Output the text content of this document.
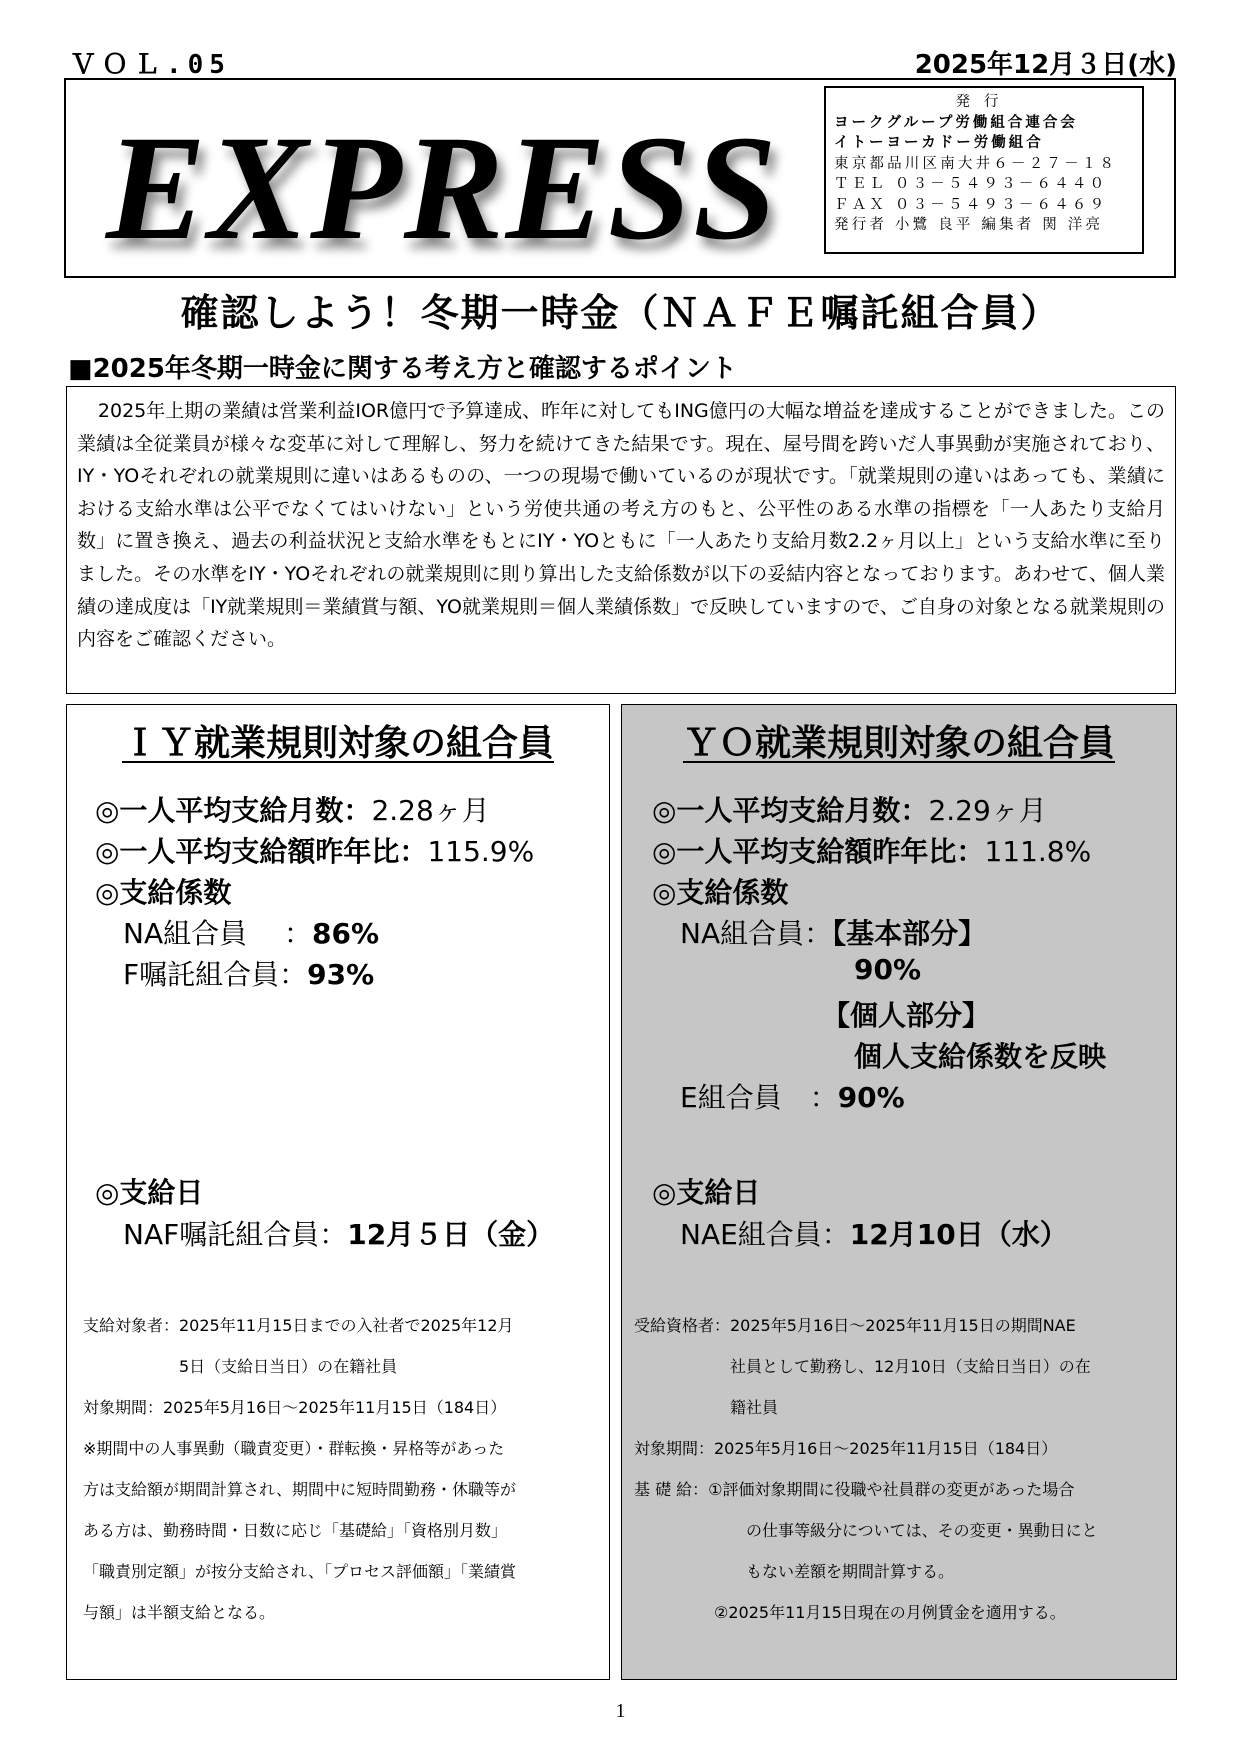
ＶＯＬ.05	2025年12月３日(水)
EXPRESS
発行
ヨークグループ労働組合連合会
イトーヨーカドー労働組合
東京都品川区南大井６－２７－１８
ＴＥＬ ０３－５４９３－６４４０
ＦＡＸ ０３－５４９３－６４６９
発行者 小鷺 良平 編集者 関 洋亮
確認しよう！冬期一時金（ＮＡＦＥ嘱託組合員）
■2025年冬期一時金に関する考え方と確認するポイント
2025年上期の業績は営業利益IOR億円で予算達成、昨年に対してもING億円の大幅な増益を達成することができました。この業績は全従業員が様々な変革に対して理解し、努力を続けてきた結果です。現在、屋号間を跨いだ人事異動が実施されており、IY・YOそれぞれの就業規則に違いはあるものの、一つの現場で働いているのが現状です。「就業規則の違いはあっても、業績における支給水準は公平でなくてはいけない」という労使共通の考え方のもと、公平性のある水準の指標を「一人あたり支給月数」に置き換え、過去の利益状況と支給水準をもとにIY・YOともに「一人あたり支給月数2.2ヶ月以上」という支給水準に至りました。その水準をIY・YOそれぞれの就業規則に則り算出した支給係数が以下の妥結内容となっております。あわせて、個人業績の達成度は「IY就業規則＝業績賞与額、YO就業規則＝個人業績係数」で反映していますので、ご自身の対象となる就業規則の内容をご確認ください。
ＩＹ就業規則対象の組合員
◎一人平均支給月数：2.28ヶ月
◎一人平均支給額昨年比：115.9%
◎支給係数
NA組合員　 ：86%
F嘱託組合員：93%
◎支給日
NAF嘱託組合員：12月５日（金）
支給対象者：2025年11月15日までの入社者で2025年12月
5日（支給日当日）の在籍社員
対象期間：2025年5月16日～2025年11月15日（184日）
※期間中の人事異動（職責変更）・群転換・昇格等があった
方は支給額が期間計算され、期間中に短時間勤務・休職等が
ある方は、勤務時間・日数に応じ「基礎給」「資格別月数」
「職責別定額」が按分支給され、「プロセス評価額」「業績賞
与額」は半額支給となる。
ＹＯ就業規則対象の組合員
◎一人平均支給月数：2.29ヶ月
◎一人平均支給額昨年比：111.8%
◎支給係数
NA組合員：【基本部分】
90%
【個人部分】
個人支給係数を反映
E組合員　：90%
◎支給日
NAE組合員：12月10日（水）
受給資格者：2025年5月16日～2025年11月15日の期間NAE
社員として勤務し、12月10日（支給日当日）の在
籍社員
対象期間：2025年5月16日～2025年11月15日（184日）
基 礎 給：①評価対象期間に役職や社員群の変更があった場合
の仕事等級分については、その変更・異動日にと
もない差額を期間計算する。
②2025年11月15日現在の月例賃金を適用する。
1
